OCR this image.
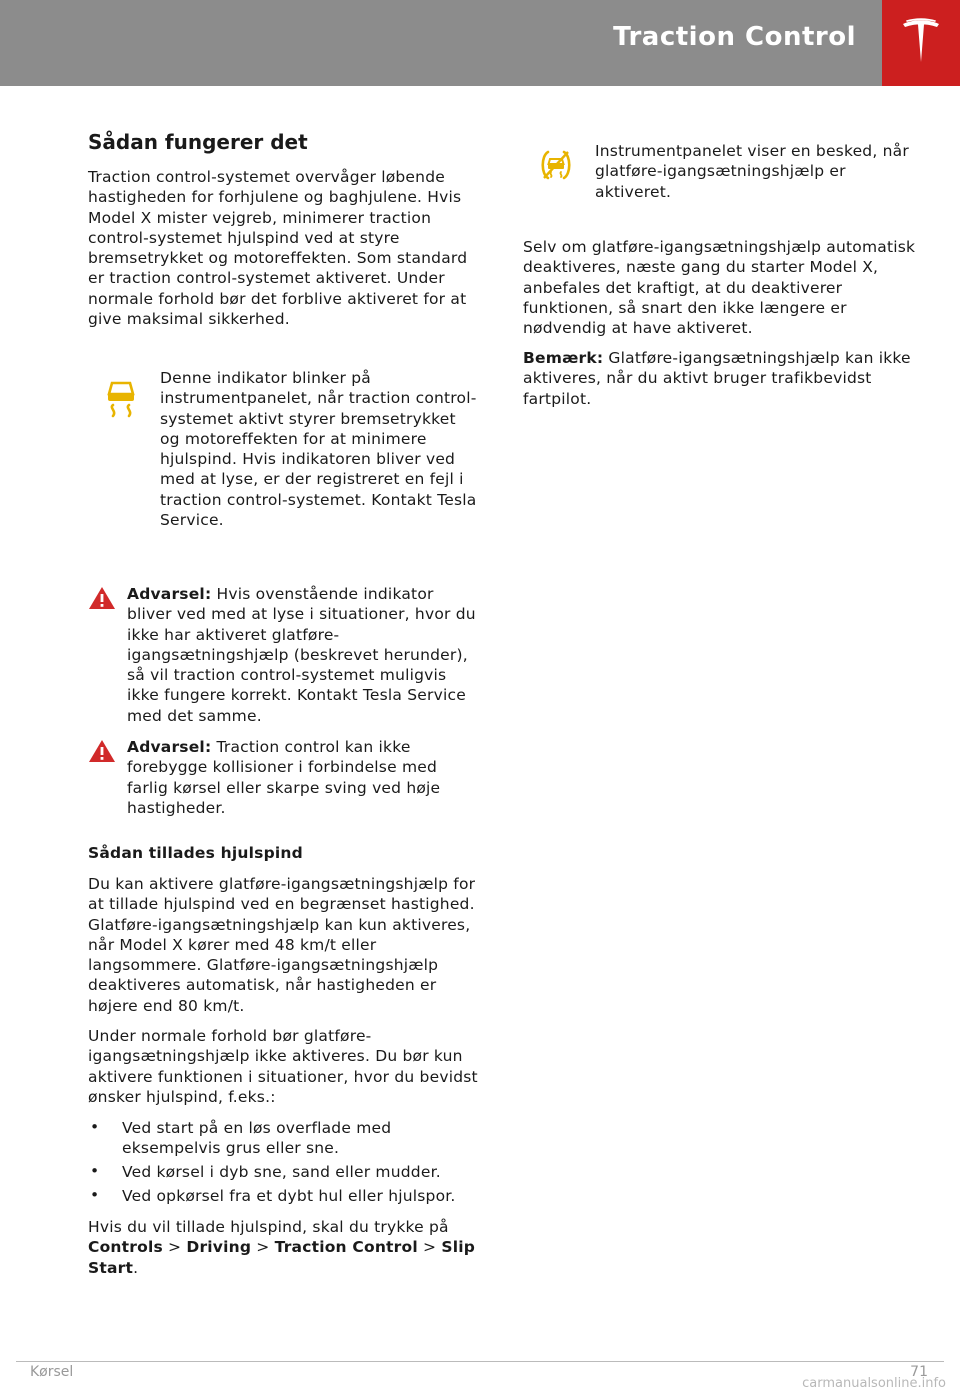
Traction Control
Sådan fungerer det

Traction control-systemet overvåger løbende hastigheden for forhjulene og baghjulene. Hvis Model X mister vejgreb, minimerer traction control-systemet hjulspind ved at styre bremsetrykket og motoreffekten. Som standard er traction control-systemet aktiveret. Under normale forhold bør det forblive aktiveret for at give maksimal sikkerhed.

Denne indikator blinker på instrumentpanelet, når traction control-systemet aktivt styrer bremsetrykket og motoreffekten for at minimere hjulspind. Hvis indikatoren bliver ved med at lyse, er der registreret en fejl i traction control-systemet. Kontakt Tesla Service.

Advarsel: Hvis ovenstående indikator bliver ved med at lyse i situationer, hvor du ikke har aktiveret glatføre-igangsætningshjælp (beskrevet herunder), så vil traction control-systemet muligvis ikke fungere korrekt. Kontakt Tesla Service med det samme.

Advarsel: Traction control kan ikke forebygge kollisioner i forbindelse med farlig kørsel eller skarpe sving ved høje hastigheder.

Sådan tillades hjulspind

Du kan aktivere glatføre-igangsætningshjælp for at tillade hjulspind ved en begrænset hastighed. Glatføre-igangsætningshjælp kan kun aktiveres, når Model X kører med 48 km/t eller langsommere. Glatføre-igangsætningshjælp deaktiveres automatisk, når hastigheden er højere end 80 km/t.

Under normale forhold bør glatføre-igangsætningshjælp ikke aktiveres. Du bør kun aktivere funktionen i situationer, hvor du bevidst ønsker hjulspind, f.eks.:

• Ved start på en løs overflade med eksempelvis grus eller sne.

• Ved kørsel i dyb sne, sand eller mudder.

• Ved opkørsel fra et dybt hul eller hjulspor.

Hvis du vil tillade hjulspind, skal du trykke på Controls > Driving > Traction Control > Slip Start.

Instrumentpanelet viser en besked, når glatføre-igangsætningshjælp er aktiveret.

Selv om glatføre-igangsætningshjælp automatisk deaktiveres, næste gang du starter Model X, anbefales det kraftigt, at du deaktiverer funktionen, så snart den ikke længere er nødvendig at have aktiveret.

Bemærk: Glatføre-igangsætningshjælp kan ikke aktiveres, når du aktivt bruger trafikbevidst fartpilot.

Kørsel	71
carmanualsonline.info
